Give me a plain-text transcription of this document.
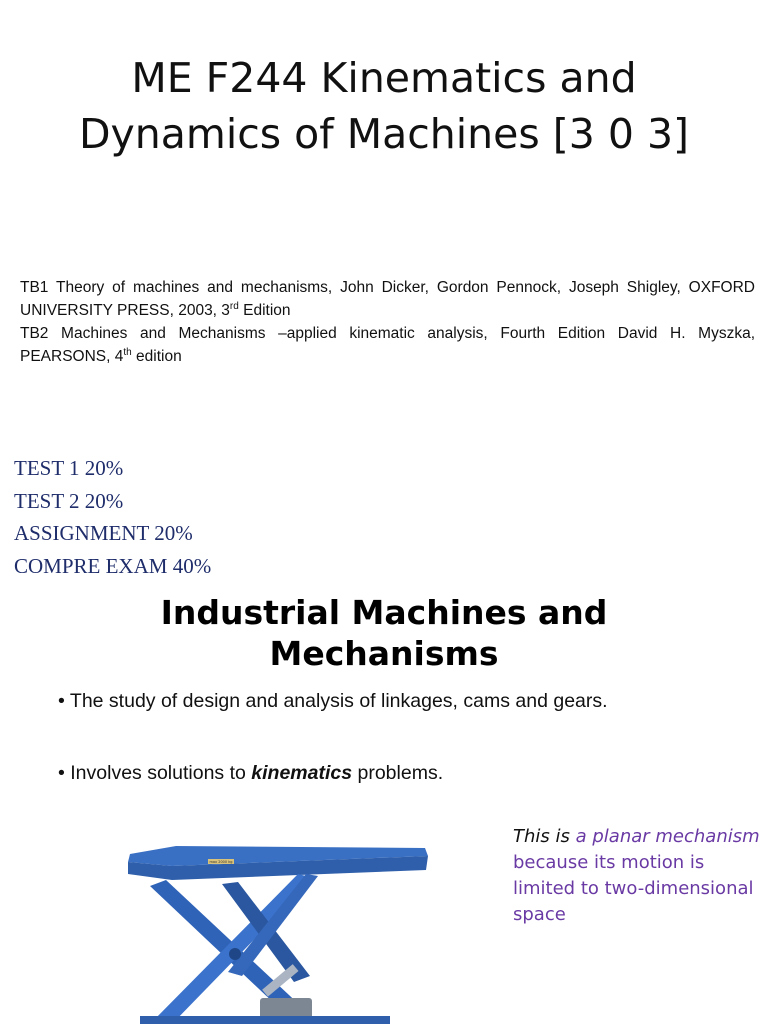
ME F244 Kinematics and Dynamics of Machines [3 0 3]

TB1 Theory of machines and mechanisms, John Dicker, Gordon Pennock, Joseph Shigley, OXFORD UNIVERSITY PRESS, 2003, 3rd Edition

TB2 Machines and Mechanisms –applied kinematic analysis, Fourth Edition David H. Myszka, PEARSONS, 4th edition

TEST 1 20%
TEST 2 20%
ASSIGNMENT 20%
COMPRE EXAM 40%
Industrial Machines and Mechanisms
• The study of design and analysis of linkages, cams and gears.
• Involves solutions to kinematics problems.
This is a planar mechanism because its motion is limited to two-dimensional space
max 2000 kg
